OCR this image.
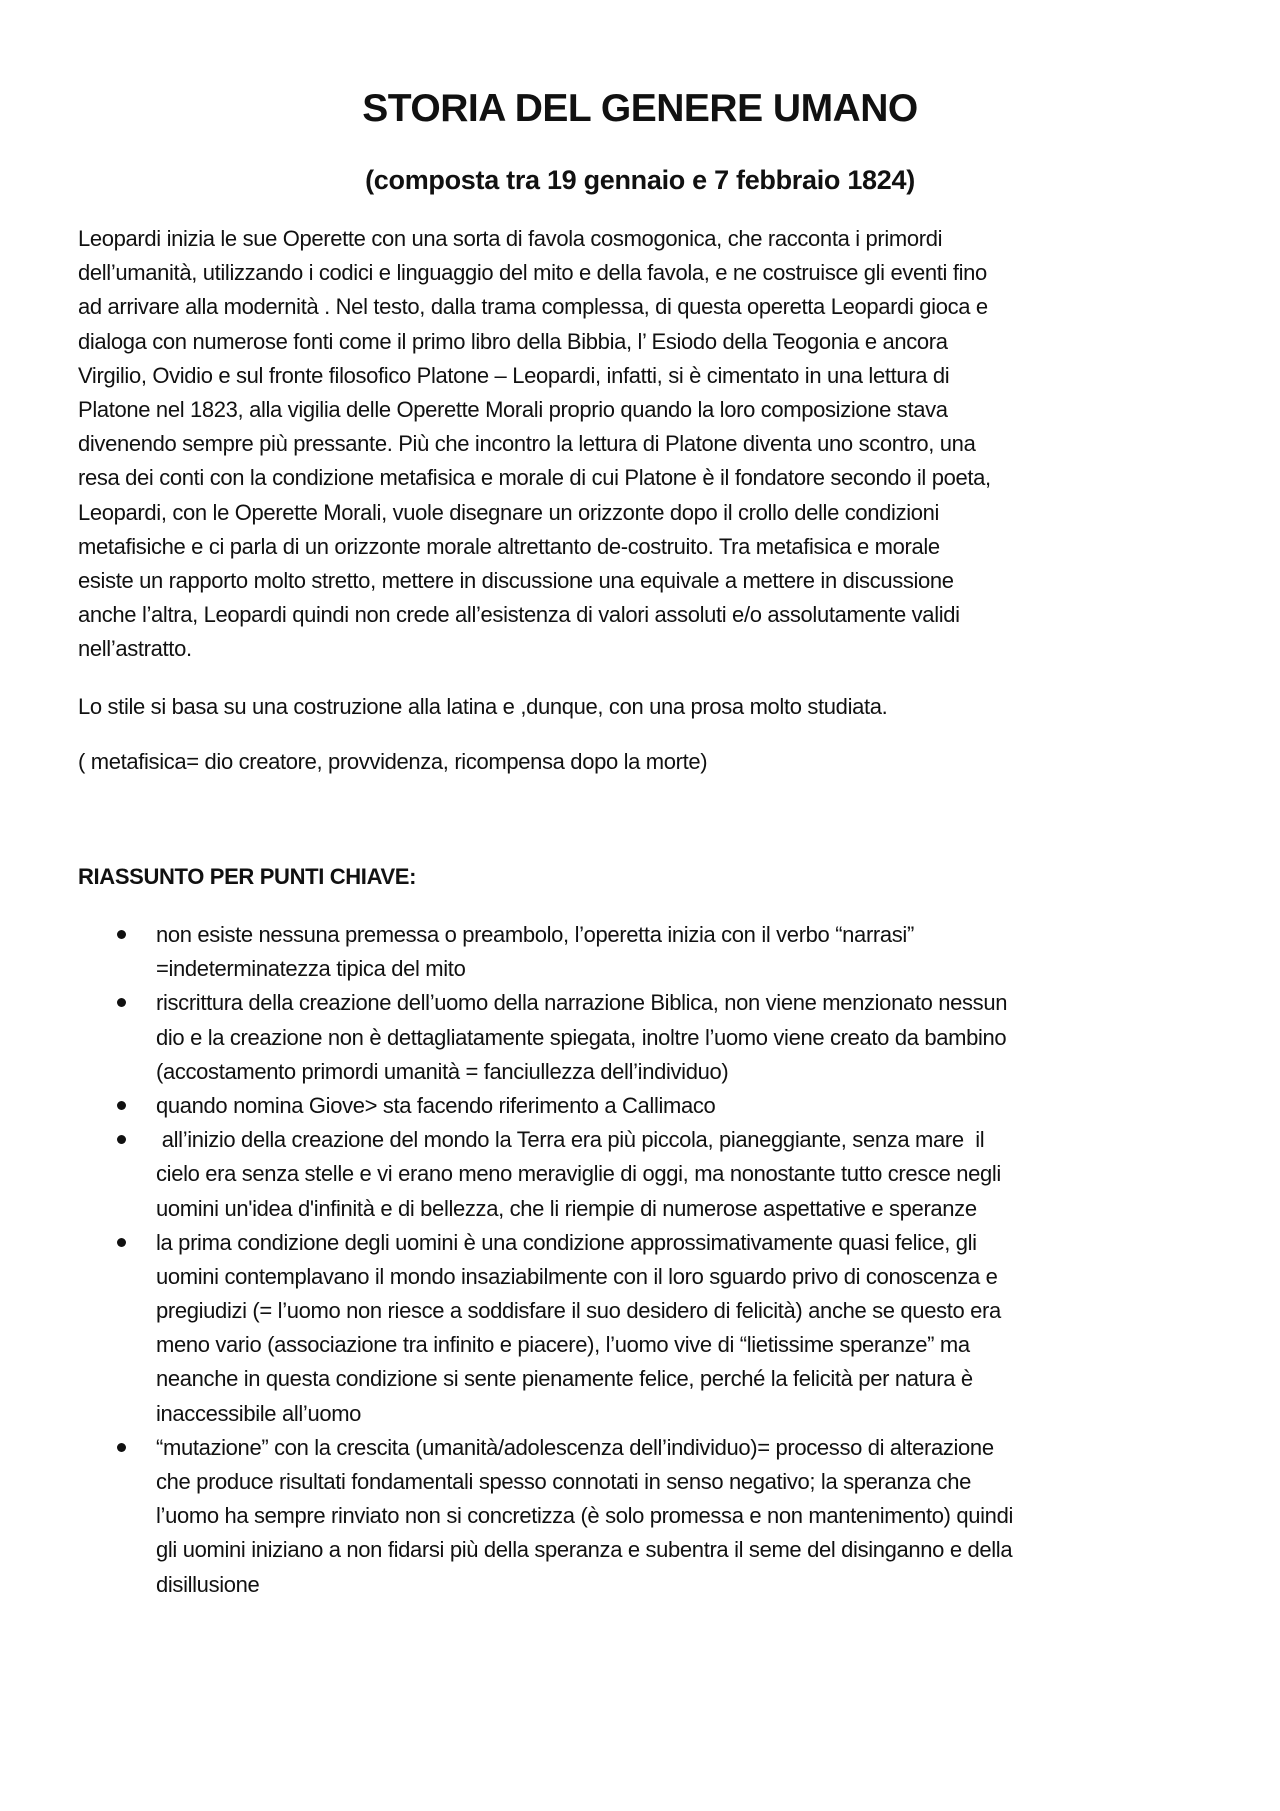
STORIA DEL GENERE UMANO
(composta tra 19 gennaio e 7 febbraio 1824)
Leopardi inizia le sue Operette con una sorta di favola cosmogonica, che racconta i primordi
dell’umanità, utilizzando i codici e linguaggio del mito e della favola, e ne costruisce gli eventi fino
ad arrivare alla modernità . Nel testo, dalla trama complessa, di questa operetta Leopardi gioca e
dialoga con numerose fonti come il primo libro della Bibbia, l’ Esiodo della Teogonia e ancora
Virgilio, Ovidio e sul fronte filosofico Platone – Leopardi, infatti, si è cimentato in una lettura di
Platone nel 1823, alla vigilia delle Operette Morali proprio quando la loro composizione stava
divenendo sempre più pressante. Più che incontro la lettura di Platone diventa uno scontro, una
resa dei conti con la condizione metafisica e morale di cui Platone è il fondatore secondo il poeta,
Leopardi, con le Operette Morali, vuole disegnare un orizzonte dopo il crollo delle condizioni
metafisiche e ci parla di un orizzonte morale altrettanto de-costruito. Tra metafisica e morale
esiste un rapporto molto stretto, mettere in discussione una equivale a mettere in discussione
anche l’altra, Leopardi quindi non crede all’esistenza di valori assoluti e/o assolutamente validi
nell’astratto.
Lo stile si basa su una costruzione alla latina e ,dunque, con una prosa molto studiata.
( metafisica= dio creatore, provvidenza, ricompensa dopo la morte)
RIASSUNTO PER PUNTI CHIAVE:
non esiste nessuna premessa o preambolo, l’operetta inizia con il verbo “narrasi”
=indeterminatezza tipica del mito
riscrittura della creazione dell’uomo della narrazione Biblica, non viene menzionato nessun
dio e la creazione non è dettagliatamente spiegata, inoltre l’uomo viene creato da bambino
(accostamento primordi umanità = fanciullezza dell’individuo)
quando nomina Giove> sta facendo riferimento a Callimaco
all’inizio della creazione del mondo la Terra era più piccola, pianeggiante, senza mare  il
cielo era senza stelle e vi erano meno meraviglie di oggi, ma nonostante tutto cresce negli
uomini un'idea d'infinità e di bellezza, che li riempie di numerose aspettative e speranze
la prima condizione degli uomini è una condizione approssimativamente quasi felice, gli
uomini contemplavano il mondo insaziabilmente con il loro sguardo privo di conoscenza e
pregiudizi (= l’uomo non riesce a soddisfare il suo desidero di felicità) anche se questo era
meno vario (associazione tra infinito e piacere), l’uomo vive di “lietissime speranze” ma
neanche in questa condizione si sente pienamente felice, perché la felicità per natura è
inaccessibile all’uomo
“mutazione” con la crescita (umanità/adolescenza dell’individuo)= processo di alterazione
che produce risultati fondamentali spesso connotati in senso negativo; la speranza che
l’uomo ha sempre rinviato non si concretizza (è solo promessa e non mantenimento) quindi
gli uomini iniziano a non fidarsi più della speranza e subentra il seme del disinganno e della
disillusione
